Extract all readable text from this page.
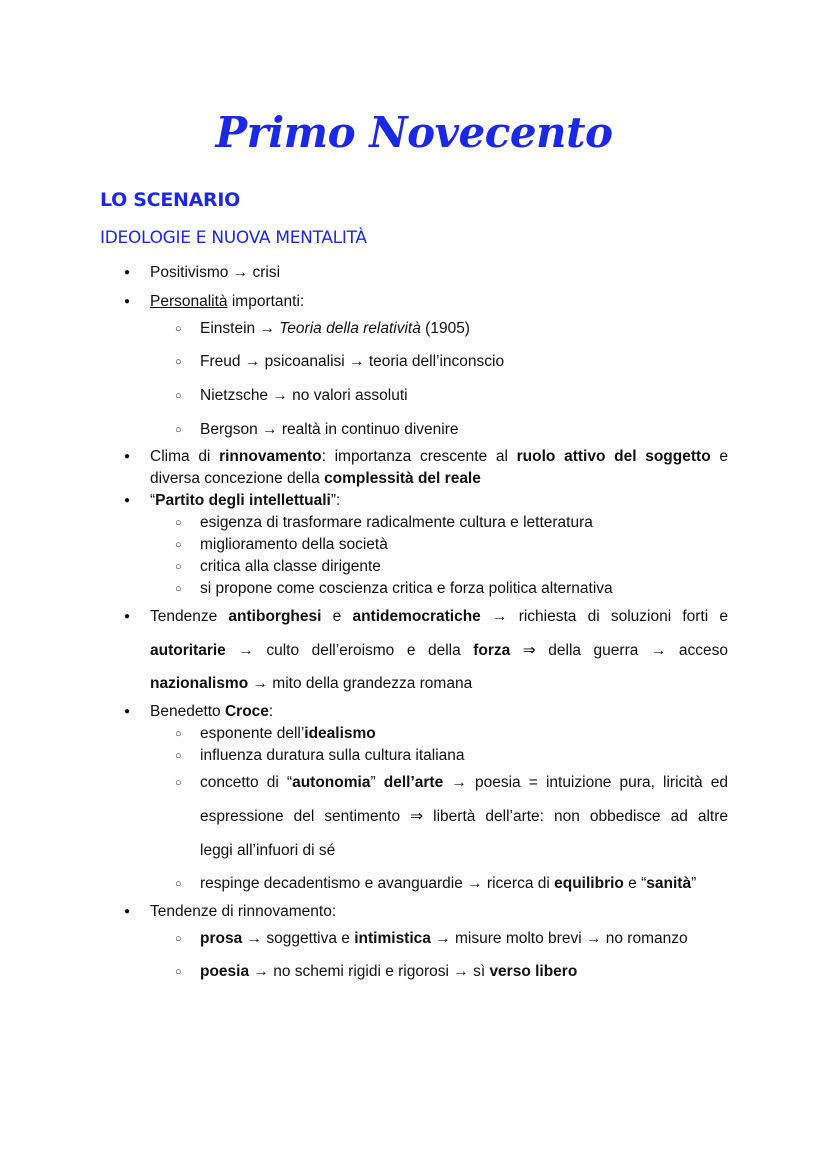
Primo Novecento
LO SCENARIO
IDEOLOGIE E NUOVA MENTALITÀ
● Positivismo → crisi
● Personalità importanti:
○ Einstein → Teoria della relatività (1905)
○ Freud → psicoanalisi → teoria dell’inconscio
○ Nietzsche → no valori assoluti
○ Bergson → realtà in continuo divenire
● Clima di rinnovamento: importanza crescente al ruolo attivo del soggetto e
diversa concezione della complessità del reale
● “Partito degli intellettuali”:
○ esigenza di trasformare radicalmente cultura e letteratura
○ miglioramento della società
○ critica alla classe dirigente
○ si propone come coscienza critica e forza politica alternativa
● Tendenze antiborghesi e antidemocratiche → richiesta di soluzioni forti e
autoritarie → culto dell’eroismo e della forza ⇒ della guerra → acceso
nazionalismo → mito della grandezza romana
● Benedetto Croce:
○ esponente dell’idealismo
○ influenza duratura sulla cultura italiana
○ concetto di “autonomia” dell’arte → poesia = intuizione pura, liricità ed
espressione del sentimento ⇒ libertà dell’arte: non obbedisce ad altre
leggi all’infuori di sé
○ respinge decadentismo e avanguardie → ricerca di equilibrio e “sanità”
● Tendenze di rinnovamento:
○ prosa → soggettiva e intimistica → misure molto brevi → no romanzo
○ poesia → no schemi rigidi e rigorosi → sì verso libero
